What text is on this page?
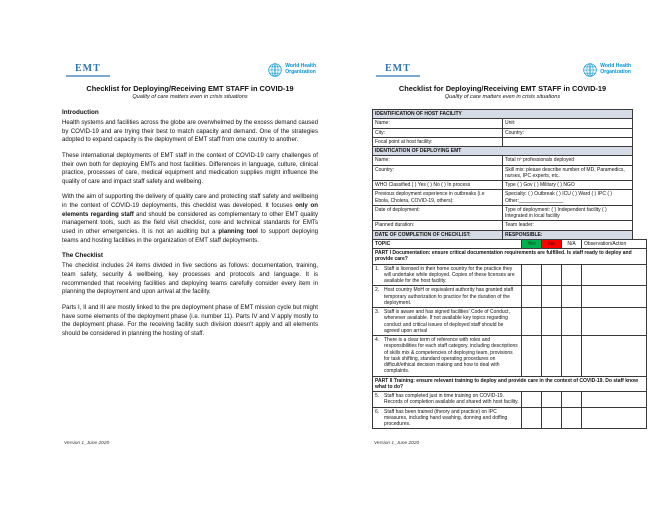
EMT	World Health
Organization
Checklist for Deploying/Receiving EMT STAFF in COVID-19
Quality of care matters even in crisis situations
Introduction

Health systems and facilities across the globe are overwhelmed by the excess demand caused by COVID-19 and are trying their best to match capacity and demand. One of the strategies adopted to expand capacity is the deployment of EMT staff from one country to another.

These international deployments of EMT staff in the context of COVID-19 carry challenges of their own both for deploying EMTs and host facilities. Differences in language, culture, clinical practice, processes of care, medical equipment and medication supplies might influence the quality of care and impact staff safety and wellbeing.

With the aim of supporting the delivery of quality care and protecting staff safety and wellbeing in the context of COVID-19 deployments, this checklist was developed. It focuses only on elements regarding staff and should be considered as complementary to other EMT quality management tools, such as the field visit checklist, core and technical standards for EMTs used in other emergencies. It is not an auditing but a planning tool to support deploying teams and hosting facilities in the organization of EMT staff deployments.

The Checklist

The checklist includes 24 items divided in five sections as follows: documentation, training, team safety, security & wellbeing, key processes and protocols and language. It is recommended that receiving facilities and deploying teams carefully consider every item in planning the deployment and upon arrival at the facility.

Parts I, II and III are mostly linked to the pre deployment phase of EMT mission cycle but might have some elements of the deployment phase (i.e. number 11). Parts IV and V apply mostly to the deployment phase. For the receiving facility such division doesn't apply and all elements should be considered in planning the hosting of staff.

Version 1_June 2020
EMT	World Health
Organization
Checklist for Deploying/Receiving EMT STAFF in COVID-19
Quality of care matters even in crisis situations
IDENTIFICATION OF HOST FACILITY	
Name:	Unit:
City:	Country:
Focal point at host facility:	
IDENTICATION OF DEPLOYING EMT	
Name:	Total nº professionals deployed
Country:	Skill mix: please describe number of MD, Paramedics, nurses, IPC experts, etc.
WHO Classified ( ) Yes ( ) No ( ) In process	Type ( ) Gov ( ) Military ( ) NGO
Previous deployment experience in outbreaks (i.e Ebola, Cholera, COVID-19, others):	Specialty: ( ) Outbreak ( ) ICU ( ) Ward ( ) IPC ( ) Other:________________
Date of deployment:	Type of deployment: ( ) Independent facility ( ) Integrated in local facility
Planned duration:	Team leader:
DATE OF COMPLETION OF CHECKLIST:	RESPONSIBLE:
TOPIC	Yes	No	N/A	Observation/Action
PART I Documentation: ensure critical documentation requirements are fulfilled. Is staff ready to deploy and provide care?				

1. Staff is licensed in their home country for the practice they will undertake while deployed. Copies of these licenses are available for the host facility.				

2. Host country MoH or equivalent authority has granted staff temporary authorization to practice for the duration of the deployment.				

3. Staff is aware and has signed facilities' Code of Conduct, whenever available. If not available key topics regarding conduct and critical issues of deployed staff should be agreed upon arrival				

4. There is a clear term of reference with roles and responsibilities for each staff category, including descriptions of skills mix & competencies of deploying team, provisions for task shifting, standard operating procedures on difficult/ethical decision making and how to deal with complaints.				

PART II Training: ensure relevant training to deploy and provide care in the context of COVID-19. Do staff know what to do?				

5. Staff has completed just in time training on COVID-19. Records of completion available and shared with host facility.				

6. Staff has been trained (theory and practice) on IPC measures, including hand washing, donning and doffing procedures.				

Version 1_June 2020
